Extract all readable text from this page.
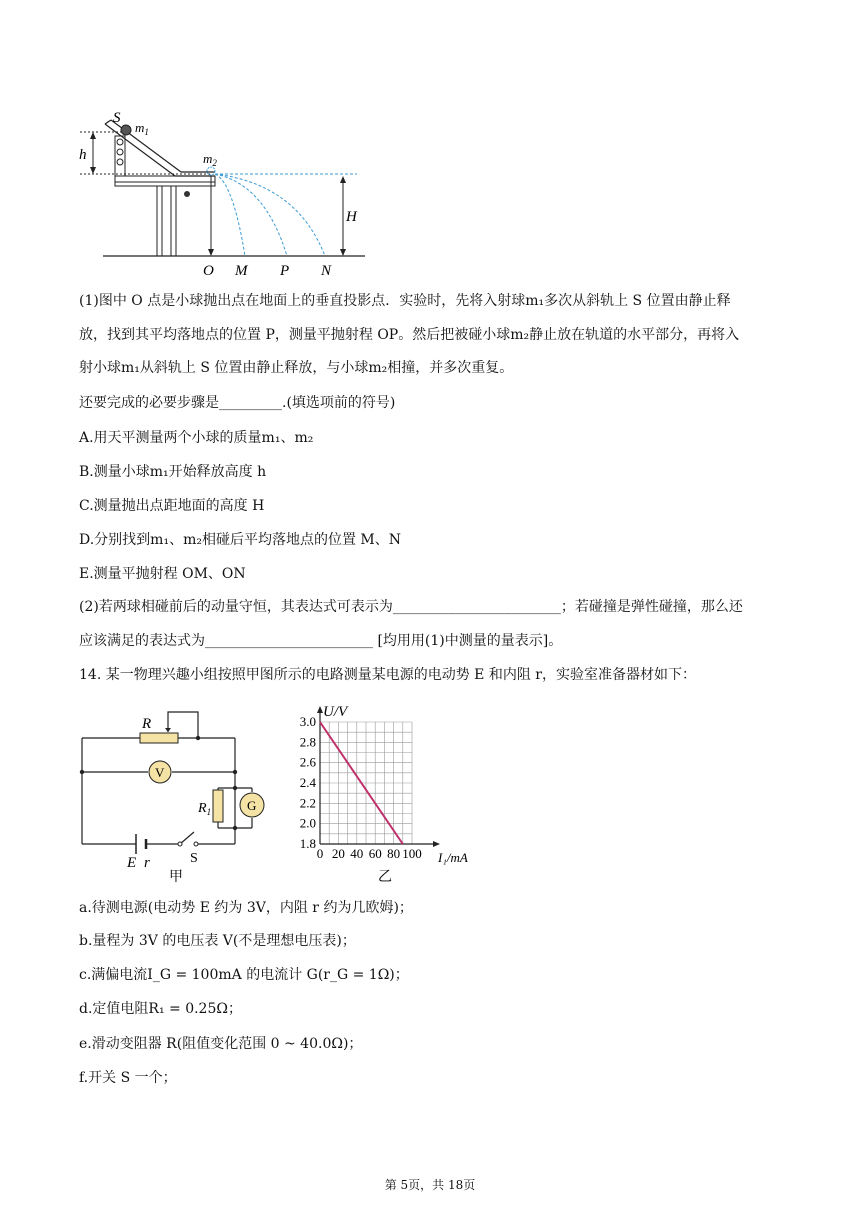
S
$m_1$
$m_2$
h
H
O M P N
(1)图中 O 点是小球抛出点在地面上的垂直投影点．实验时，先将入射球m₁多次从斜轨上 S 位置由静止释
放，找到其平均落地点的位置 P，测量平抛射程 OP。然后把被碰小球m₂静止放在轨道的水平部分，再将入
射小球m₁从斜轨上 S 位置由静止释放，与小球m₂相撞，并多次重复。
还要完成的必要步骤是_________.(填选项前的符号)
A.用天平测量两个小球的质量m₁、m₂
B.测量小球m₁开始释放高度 h
C.测量抛出点距地面的高度 H
D.分别找到m₁、m₂相碰后平均落地点的位置 M、N
E.测量平抛射程 OM、ON
(2)若两球相碰前后的动量守恒，其表达式可表示为________________________；若碰撞是弹性碰撞，那么还
应该满足的表达式为________________________ [均用用(1)中测量的量表示]。
14. 某一物理兴趣小组按照甲图所示的电路测量某电源的电动势 E 和内阻 r，实验室准备器材如下：
R
V
$R_1$	G
E r	S
甲
0 20 40 60 80 100
3.0
2.8
2.6
2.4
2.2
2.0
1.8
U/V
I₁/mA
乙
a.待测电源(电动势 E 约为 3V，内阻 r 约为几欧姆)；
b.量程为 3V 的电压表 V(不是理想电压表)；
c.满偏电流I_G = 100mA 的电流计 G(r_G = 1Ω)；
d.定值电阻R₁ = 0.25Ω；
e.滑动变阻器 R(阻值变化范围 0 ~ 40.0Ω)；
f.开关 S 一个；
第 5页，共 18页
